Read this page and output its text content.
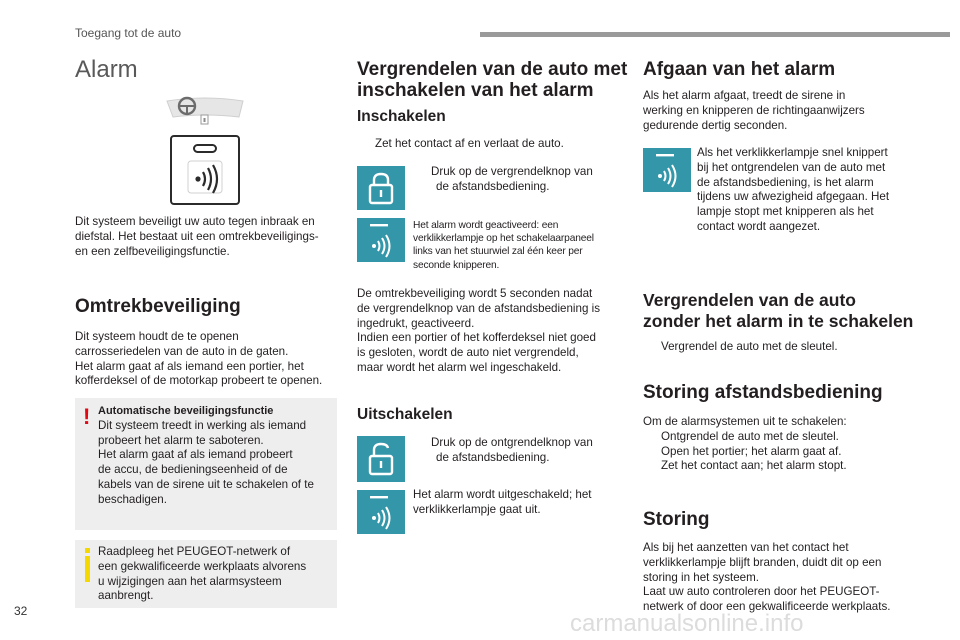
Toegang tot de auto
Alarm
Dit systeem beveiligt uw auto tegen inbraak en
diefstal. Het bestaat uit een omtrekbeveiligings-
en een zelfbeveiligingsfunctie.
Omtrekbeveiliging
Dit systeem houdt de te openen
carrosseriedelen van de auto in de gaten.
Het alarm gaat af als iemand een portier, het
kofferdeksel of de motorkap probeert te openen.
! Automatische beveiligingsfunctie
Dit systeem treedt in werking als iemand
probeert het alarm te saboteren.
Het alarm gaat af als iemand probeert
de accu, de bedieningseenheid of de
kabels van de sirene uit te schakelen of te
beschadigen.
Raadpleeg het PEUGEOT-netwerk of
een gekwalificeerde werkplaats alvorens
u wijzigingen aan het alarmsysteem
aanbrengt.
Vergrendelen van de auto met
inschakelen van het alarm
Inschakelen
Zet het contact af en verlaat de auto.
Druk op de vergrendelknop van
de afstandsbediening.
Het alarm wordt geactiveerd: een
verklikkerlampje op het schakelaarpaneel
links van het stuurwiel zal één keer per
seconde knipperen.
De omtrekbeveiliging wordt 5 seconden nadat
de vergrendelknop van de afstandsbediening is
ingedrukt, geactiveerd.
Indien een portier of het kofferdeksel niet goed
is gesloten, wordt de auto niet vergrendeld,
maar wordt het alarm wel ingeschakeld.
Uitschakelen
Druk op de ontgrendelknop van
de afstandsbediening.
Het alarm wordt uitgeschakeld; het
verklikkerlampje gaat uit.
Afgaan van het alarm
Als het alarm afgaat, treedt de sirene in
werking en knipperen de richtingaanwijzers
gedurende dertig seconden.
Als het verklikkerlampje snel knippert
bij het ontgrendelen van de auto met
de afstandsbediening, is het alarm
tijdens uw afwezigheid afgegaan. Het
lampje stopt met knipperen als het
contact wordt aangezet.
Vergrendelen van de auto
zonder het alarm in te schakelen
Vergrendel de auto met de sleutel.
Storing afstandsbediening
Om de alarmsystemen uit te schakelen:
Ontgrendel de auto met de sleutel.
Open het portier; het alarm gaat af.
Zet het contact aan; het alarm stopt.
Storing
Als bij het aanzetten van het contact het
verklikkerlampje blijft branden, duidt dit op een
storing in het systeem.
Laat uw auto controleren door het PEUGEOT-
netwerk of door een gekwalificeerde werkplaats.
32	carmanualsonline.info
